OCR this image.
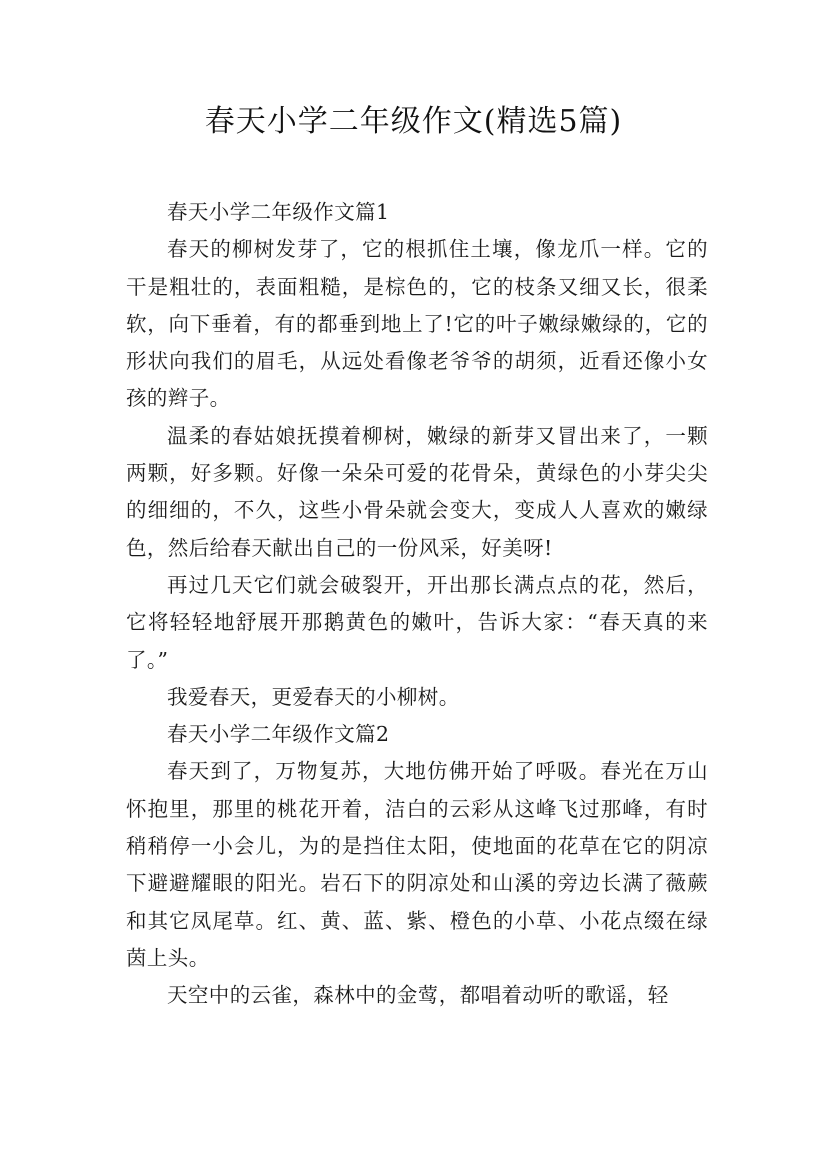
春天小学二年级作文(精选5篇)

春天小学二年级作文篇1

春天的柳树发芽了，它的根抓住土壤，像龙爪一样。它的干是粗壮的，表面粗糙，是棕色的，它的枝条又细又长，很柔软，向下垂着，有的都垂到地上了!它的叶子嫩绿嫩绿的，它的形状向我们的眉毛，从远处看像老爷爷的胡须，近看还像小女孩的辫子。

温柔的春姑娘抚摸着柳树，嫩绿的新芽又冒出来了，一颗两颗，好多颗。好像一朵朵可爱的花骨朵，黄绿色的小芽尖尖的细细的，不久，这些小骨朵就会变大，变成人人喜欢的嫩绿色，然后给春天献出自己的一份风采，好美呀!

再过几天它们就会破裂开，开出那长满点点的花，然后，它将轻轻地舒展开那鹅黄色的嫩叶，告诉大家：“春天真的来了。”

我爱春天，更爱春天的小柳树。

春天小学二年级作文篇2

春天到了，万物复苏，大地仿佛开始了呼吸。春光在万山怀抱里，那里的桃花开着，洁白的云彩从这峰飞过那峰，有时稍稍停一小会儿，为的是挡住太阳，使地面的花草在它的阴凉下避避耀眼的阳光。岩石下的阴凉处和山溪的旁边长满了薇蕨和其它凤尾草。红、黄、蓝、紫、橙色的小草、小花点缀在绿茵上头。

天空中的云雀，森林中的金莺，都唱着动听的歌谣，轻
